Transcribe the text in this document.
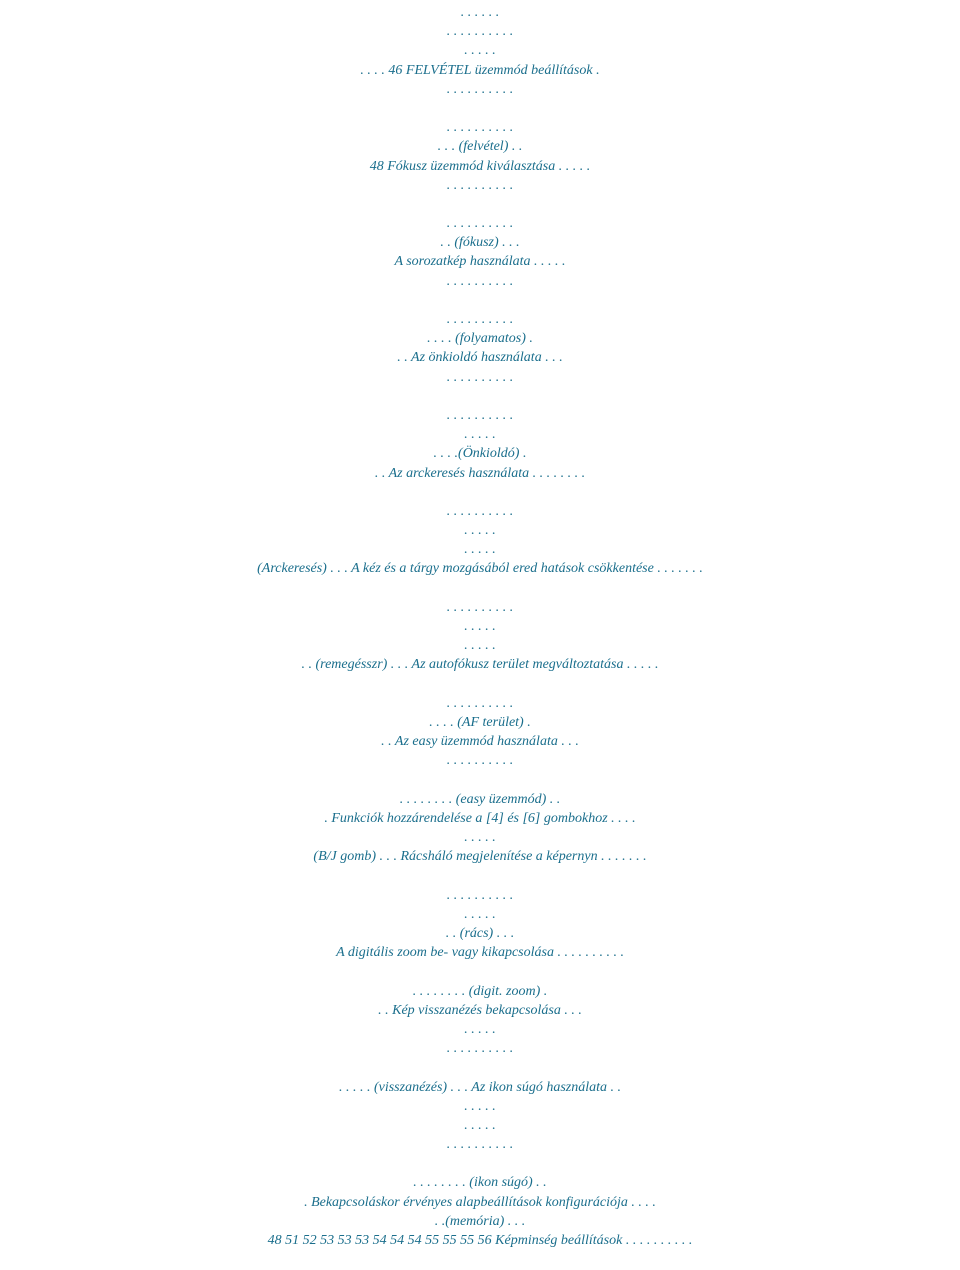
. . . . . .
. . . . . . . . . .
. . . . .
. . . . 46 FELVÉTEL üzemmód beállítások .
. . . . . . . . . .
. . . . . . . . . .
. . . (felvétel) . .
48 Fókusz üzemmód kiválasztása . . . . .
. . . . . . . . . .
. . . . . . . . . .
. . (fókusz) . . .
A sorozatkép használata . . . . .
. . . . . . . . . .
. . . . . . . . . .
. . . . (folyamatos) .
. . Az önkioldó használata . . .
. . . . . . . . . .
. . . . . . . . . .
. . . . .
. . . .(Önkioldó) .
. . Az arckeresés használata . . . . . . . .
. . . . . . . . . .
. . . . .
. . . . .
(Arckeresés) . . . A kéz és a tárgy mozgásából ered hatások csökkentése . . . . . . .
. . . . . . . . . .
. . . . .
. . . . .
. . (remegésszr) . . . Az autofókusz terület megváltoztatása . . . . .
. . . . . . . . . .
. . . . (AF terület) .
. . Az easy üzemmód használata . . .
. . . . . . . . . .
. . . . . . . . (easy üzemmód) . .
. Funkciók hozzárendelése a [4] és [6] gombokhoz . . . .
. . . . .
(B/J gomb) . . . Rácsháló megjelenítése a képernyn . . . . . . .
. . . . . . . . . .
. . . . .
. . (rács) . . .
A digitális zoom be- vagy kikapcsolása . . . . . . . . . .
. . . . . . . . (digit. zoom) .
. . Kép visszanézés bekapcsolása . . .
. . . . .
. . . . . . . . . .
. . . . . (visszanézés) . . . Az ikon súgó használata . .
. . . . .
. . . . .
. . . . . . . . . .
. . . . . . . . (ikon súgó) . .
. Bekapcsoláskor érvényes alapbeállítások konfigurációja . . . .
. .(memória) . . .
48 51 52 53 53 53 54 54 54 55 55 55 56 Képminség beállítások . . . . . . . . . .
